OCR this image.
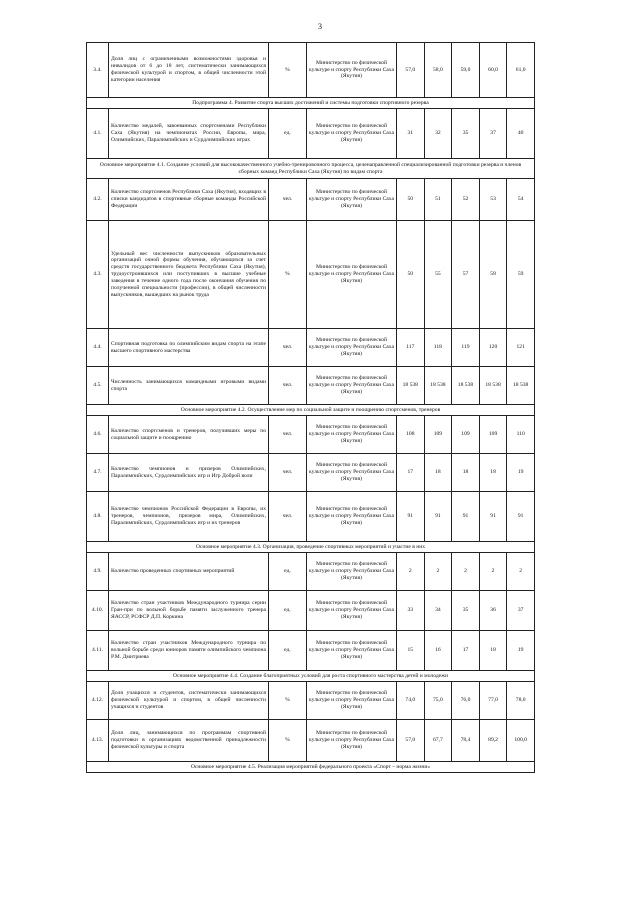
3
3.4.	Доля лиц с ограниченными возможностями здоровья и инвалидов от 6 до 18 лет, систематически занимающихся физической культурой и спортом, в общей численности этой категории населения	%	Министерство по физической культуре и спорту Республики Саха (Якутия)	57,0	58,0	59,0	60,0	61,0
Подпрограмма 4. Развитие спорта высших достижений и системы подготовки спортивного резерва								
4.1.	Количество медалей, завоеванных спортсменами Республики Саха (Якутия) на чемпионатах России, Европы, мира, Олимпийских, Паралимпийских и Сурдлимпийских играх	ед.	Министерство по физической культуре и спорту Республики Саха (Якутия)	31	32	35	37	40
Основное мероприятие 4.1. Создание условий для высококачественного учебно-тренировочного процесса, целенаправленной специализированной подготовки резерва и членов сборных команд Республики Саха (Якутия) по видам спорта								
4.2.	Количество спортсменов Республики Саха (Якутия), входящих в списки кандидатов в спортивные сборные команды Российской Федерации	чел.	Министерство по физической культуре и спорту Республики Саха (Якутия)	50	51	52	53	54
4.3.	Удельный вес численности выпускников образовательных организаций очной формы обучения, обучающихся за счет средств государственного бюджета Республики Саха (Якутия), трудоустроившихся или поступивших в высшие учебные заведения в течение одного года после окончания обучения по полученной специальности (профессии), в общей численности выпускников, вышедших на рынок труда	%	Министерство по физической культуре и спорту Республики Саха (Якутия)	50	55	57	58	59
4.4.	Спортивная подготовка по олимпийским видам спорта на этапе высшего спортивного мастерства	чел.	Министерство по физической культуре и спорту Республики Саха (Якутия)	117	118	119	120	121
4.5.	Численность занимающихся командными игровыми видами спорта	чел.	Министерство по физической культуре и спорту Республики Саха (Якутия)	18 538	18 538	18 538	18 538	18 538
Основное мероприятие 4.2. Осуществление мер по социальной защите и поощрению спортсменов, тренеров								
4.6.	Количество спортсменов и тренеров, получивших меры по социальной защите и поощрению	чел.	Министерство по физической культуре и спорту Республики Саха (Якутия)	108	109	109	109	110
4.7.	Количество чемпионов и призеров Олимпийских, Паралимпийских, Сурдлимпийских игр и Игр Доброй воли	чел.	Министерство по физической культуре и спорту Республики Саха (Якутия)	17	18	18	18	19
4.8.	Количество чемпионов Российской Федерации в Европы, их тренеров, чемпионов, призеров мира, Олимпийских, Паралимпийских, Сурдлимпийских игр и их тренеров	чел.	Министерство по физической культуре и спорту Республики Саха (Якутия)	91	91	91	91	91
Основное мероприятие 4.3. Организация, проведение спортивных мероприятий и участие в них								
4.9.	Количество проведенных спортивных мероприятий	ед.	Министерство по физической культуре и спорту Республики Саха (Якутия)	2	2	2	2	2
4.10.	Количество стран участников Международного турнира серии Гран-при по вольной борьбе памяти заслуженного тренера ЯАССР, РСФСР Д.П. Коркина	ед.	Министерство по физической культуре и спорту Республики Саха (Якутия)	33	34	35	36	37
4.11.	Количество стран участников Международного турнира по вольной борьбе среди юниоров памяти олимпийского чемпиона Р.М. Дмитриева	ед.	Министерство по физической культуре и спорту Республики Саха (Якутия)	15	16	17	18	19
Основное мероприятие 4.4. Создание благоприятных условий для роста спортивного мастерства детей и молодежи								
4.12.	Доля учащихся и студентов, систематически занимающихся физической культурой и спортом, в общей численности учащихся и студентов	%	Министерство по физической культуре и спорту Республики Саха (Якутия)	74,0	75,0	76,0	77,0	78,0
4.13.	Доля лиц, занимающихся по программам спортивной подготовки в организациях ведомственной принадлежности физической культуры и спорта	%	Министерство по физической культуре и спорту Республики Саха (Якутия)	57,0	67,7	78,4	89,2	100,0
Основное мероприятие 4.5. Реализация мероприятий федерального проекта «Спорт – норма жизни»								
